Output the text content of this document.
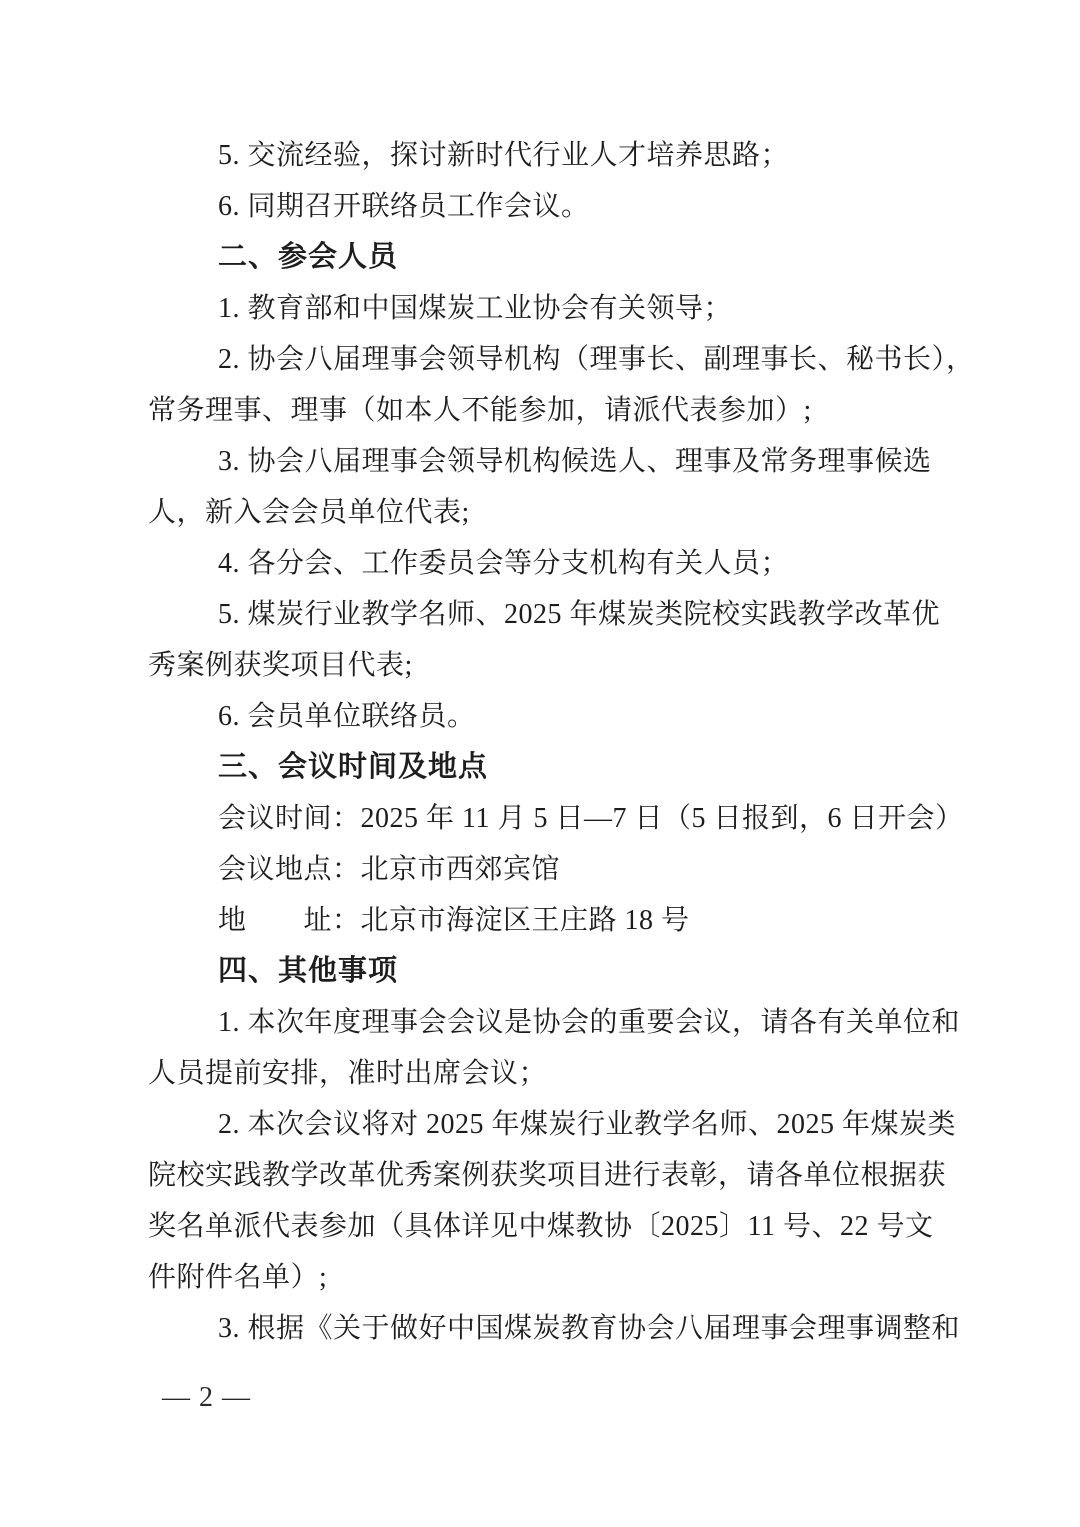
5. 交流经验，探讨新时代行业人才培养思路；
6. 同期召开联络员工作会议。
二、参会人员
1. 教育部和中国煤炭工业协会有关领导；
2. 协会八届理事会领导机构（理事长、副理事长、秘书长），
常务理事、理事（如本人不能参加，请派代表参加）;
3. 协会八届理事会领导机构候选人、理事及常务理事候选
人，新入会会员单位代表;
4. 各分会、工作委员会等分支机构有关人员；
5. 煤炭行业教学名师、2025 年煤炭类院校实践教学改革优
秀案例获奖项目代表;
6. 会员单位联络员。
三、会议时间及地点
会议时间：2025 年 11 月 5 日—7 日（5 日报到，6 日开会）
会议地点：北京市西郊宾馆
地　　址：北京市海淀区王庄路 18 号
四、其他事项
1. 本次年度理事会会议是协会的重要会议，请各有关单位和
人员提前安排，准时出席会议；
2. 本次会议将对 2025 年煤炭行业教学名师、2025 年煤炭类
院校实践教学改革优秀案例获奖项目进行表彰，请各单位根据获
奖名单派代表参加（具体详见中煤教协〔2025〕11 号、22 号文
件附件名单）;
3. 根据《关于做好中国煤炭教育协会八届理事会理事调整和
— 2 —
